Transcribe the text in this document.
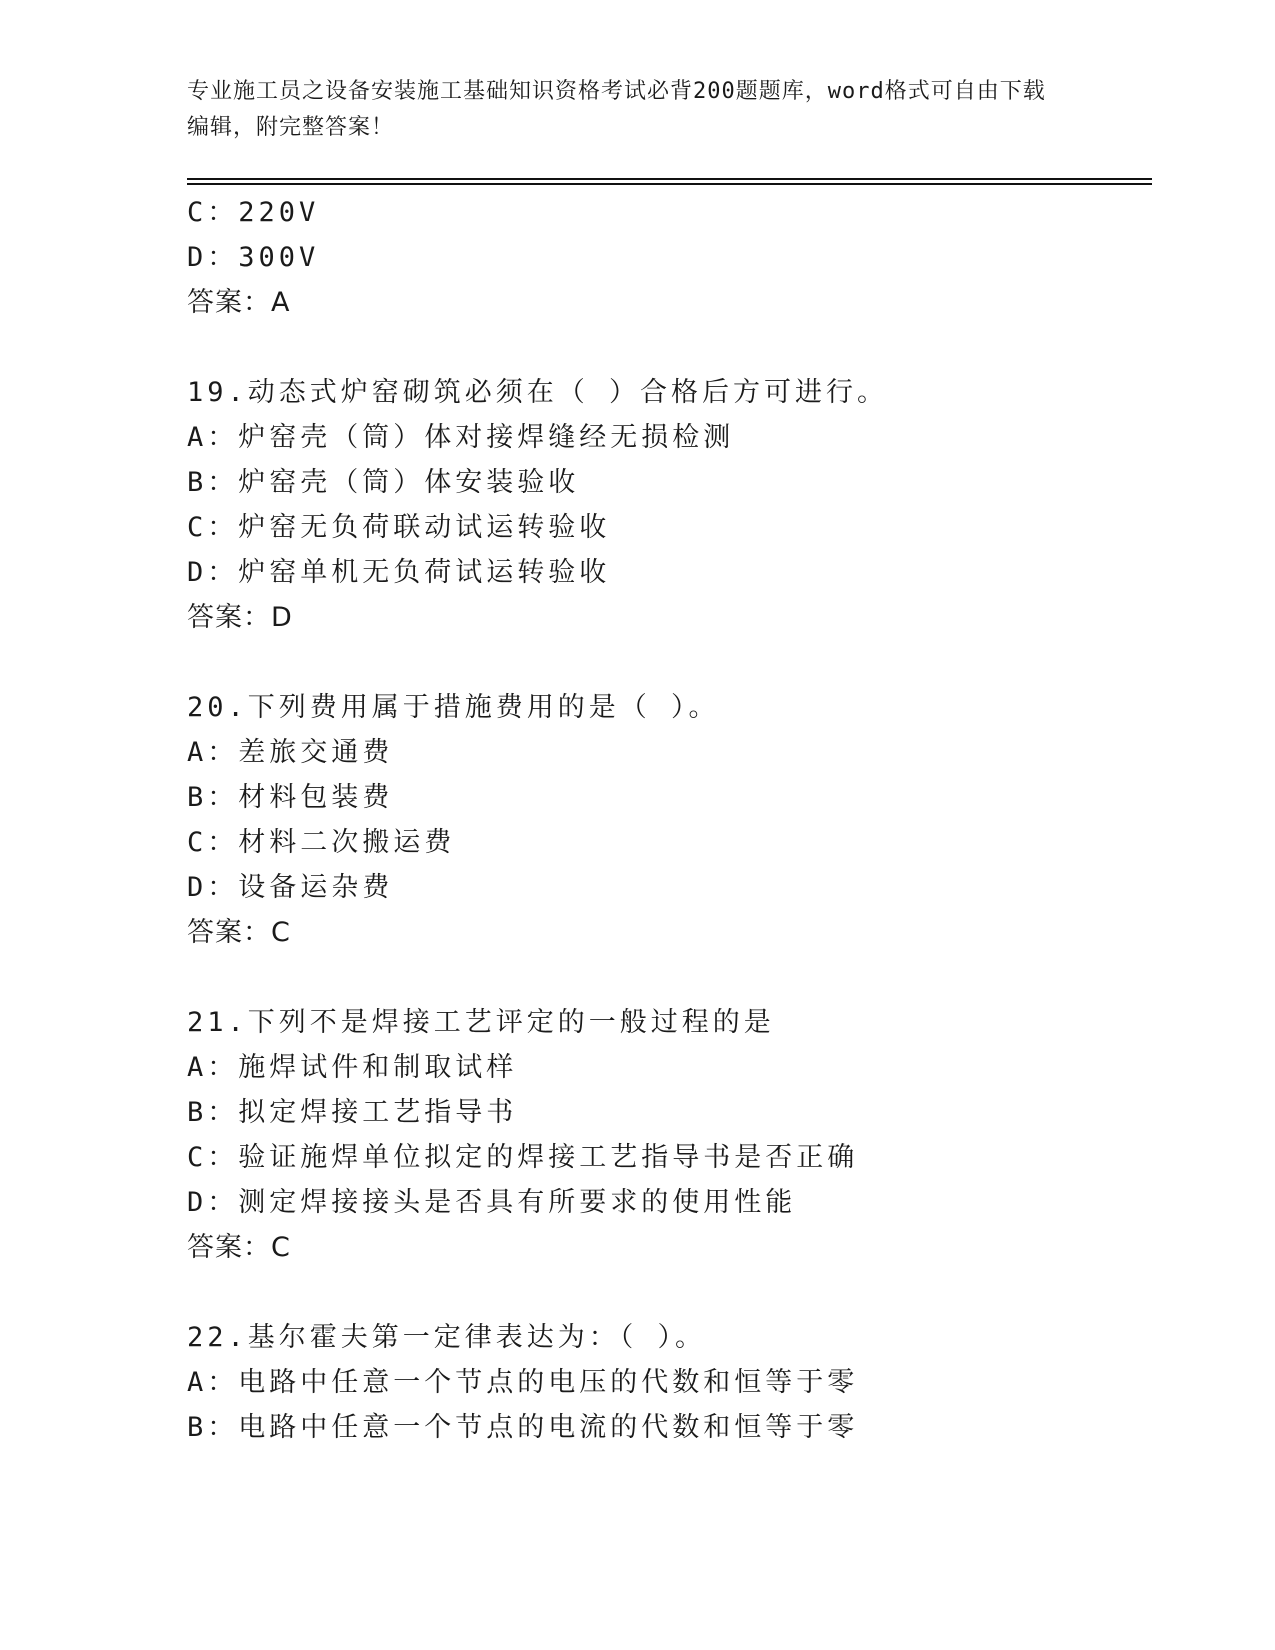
专业施工员之设备安装施工基础知识资格考试必背200题题库，word格式可自由下载编辑，附完整答案！
C：220V
D：300V
答案：A
19.动态式炉窑砌筑必须在（ ）合格后方可进行。
A：炉窑壳（筒）体对接焊缝经无损检测
B：炉窑壳（筒）体安装验收
C：炉窑无负荷联动试运转验收
D：炉窑单机无负荷试运转验收
答案：D
20.下列费用属于措施费用的是（ ）。
A：差旅交通费
B：材料包装费
C：材料二次搬运费
D：设备运杂费
答案：C
21.下列不是焊接工艺评定的一般过程的是
A：施焊试件和制取试样
B：拟定焊接工艺指导书
C：验证施焊单位拟定的焊接工艺指导书是否正确
D：测定焊接接头是否具有所要求的使用性能
答案：C
22.基尔霍夫第一定律表达为：（ ）。
A：电路中任意一个节点的电压的代数和恒等于零
B：电路中任意一个节点的电流的代数和恒等于零
